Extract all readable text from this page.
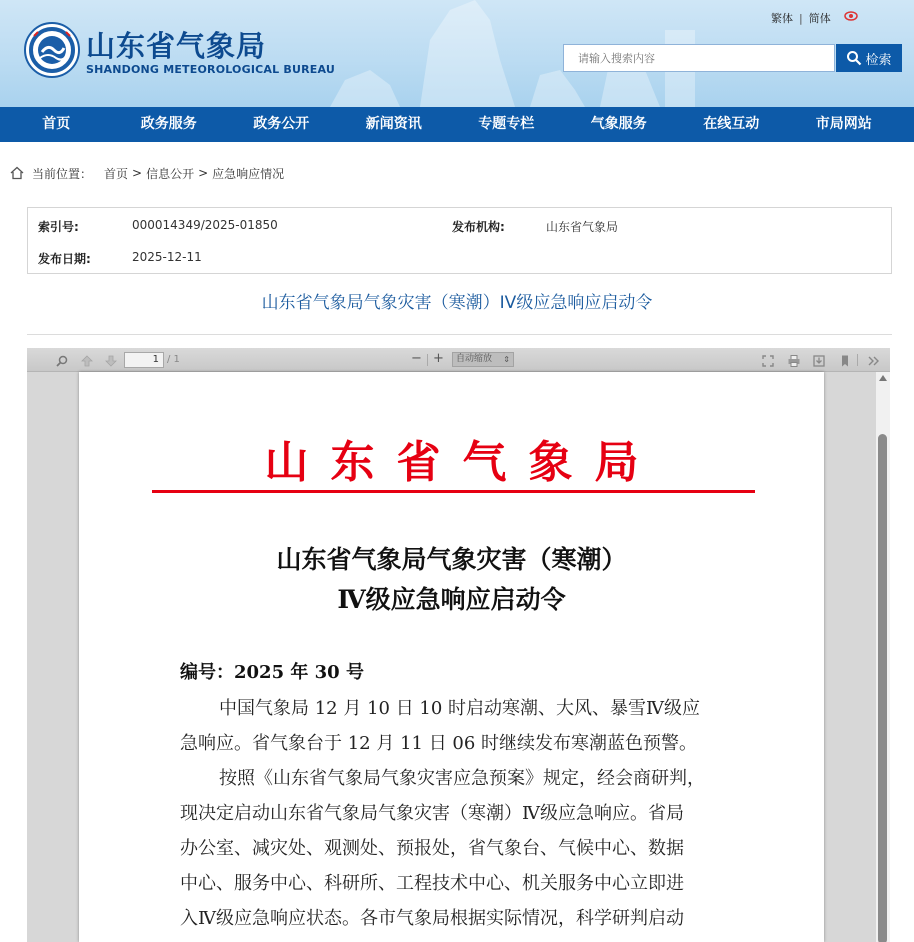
山东省气象局
SHANDONG METEOROLOGICAL BUREAU
繁体 | 简体
请输入搜索内容
检索
首页	政务服务	政务公开	新闻资讯	专题专栏	气象服务	在线互动	市局网站
当前位置： 首页 > 信息公开 > 应急响应情况
索引号:	000014349/2025-01850	发布机构:	山东省气象局
发布日期:	2025-12-11
山东省气象局气象灾害（寒潮）IV级应急响应启动令
1 / 1	− +	自动缩放 ⇕
山东省气象局
山东省气象局气象灾害（寒潮）
Ⅳ级应急响应启动令
编号：2025 年 30 号
中国气象局 12 月 10 日 10 时启动寒潮、大风、暴雪Ⅳ级应
急响应。省气象台于 12 月 11 日 06 时继续发布寒潮蓝色预警。
按照《山东省气象局气象灾害应急预案》规定，经会商研判，
现决定启动山东省气象局气象灾害（寒潮）Ⅳ级应急响应。省局
办公室、减灾处、观测处、预报处，省气象台、气候中心、数据
中心、服务中心、科研所、工程技术中心、机关服务中心立即进
入Ⅳ级应急响应状态。各市气象局根据实际情况，科学研判启动
